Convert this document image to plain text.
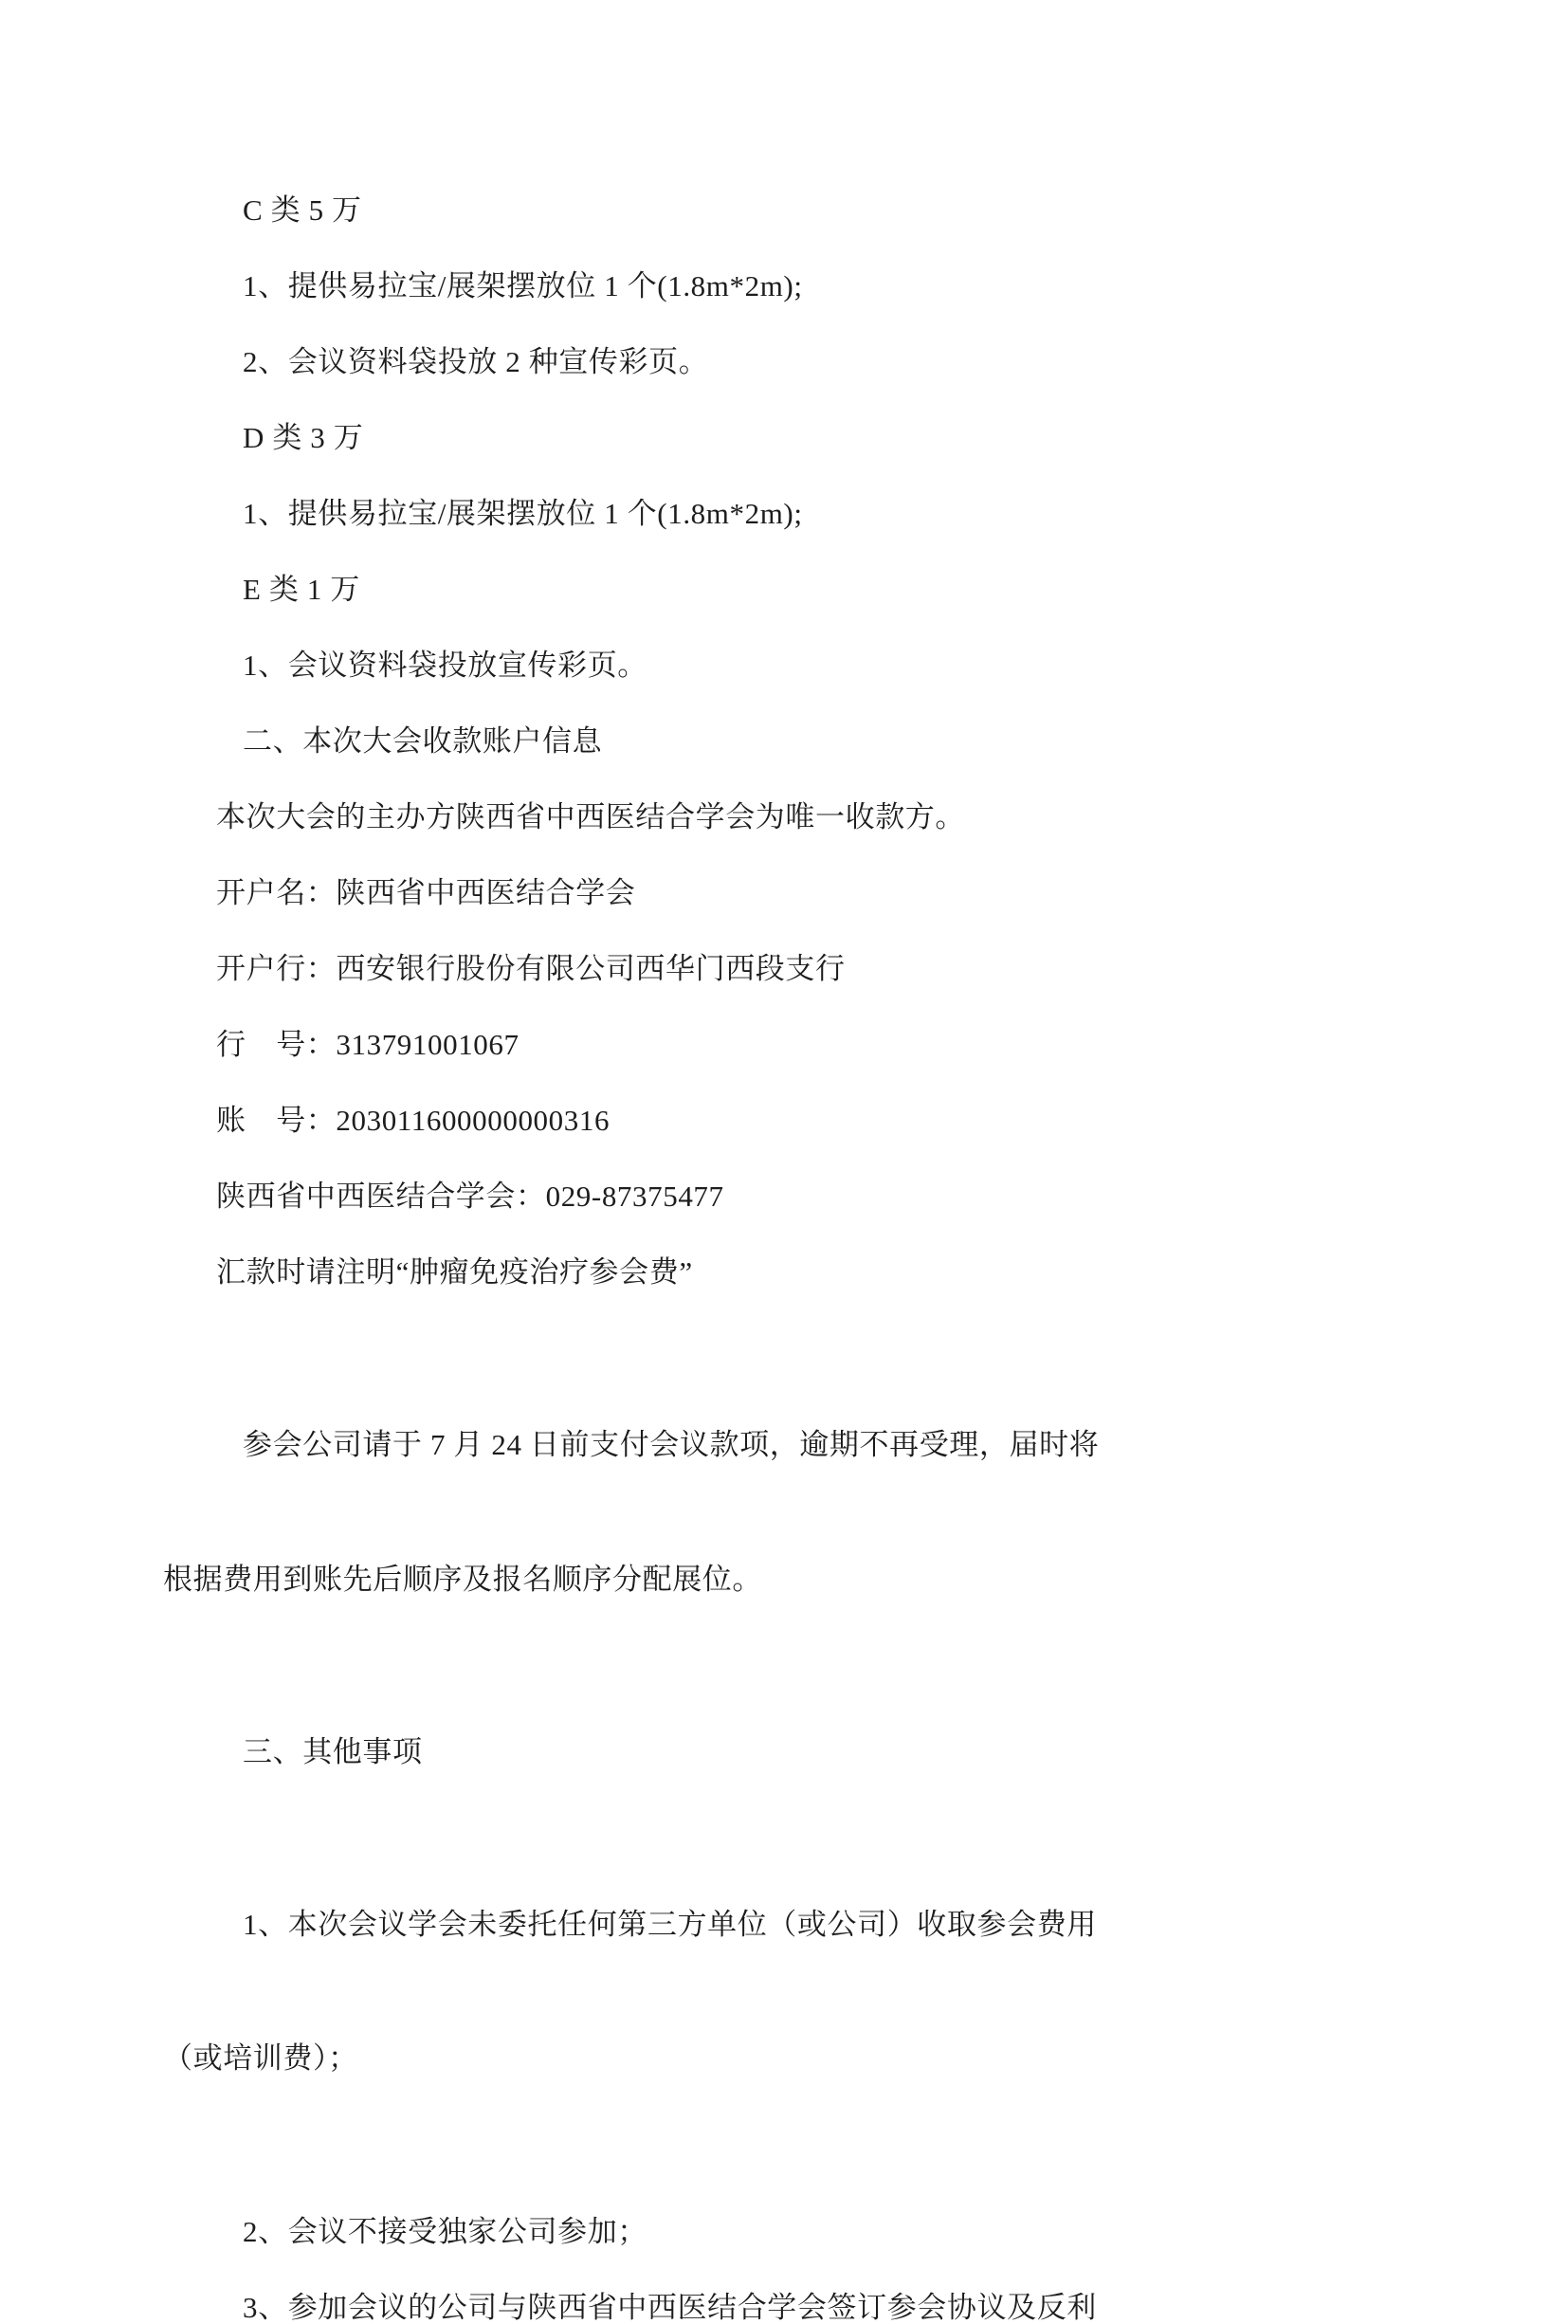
C 类 5 万

1、提供易拉宝/展架摆放位 1 个(1.8m*2m);

2、会议资料袋投放 2 种宣传彩页。

D 类 3 万

1、提供易拉宝/展架摆放位 1 个(1.8m*2m);

E 类 1 万

1、会议资料袋投放宣传彩页。

二、本次大会收款账户信息

本次大会的主办方陕西省中西医结合学会为唯一收款方。

开户名：陕西省中西医结合学会

开户行：西安银行股份有限公司西华门西段支行

行　号：313791001067

账　号：203011600000000316

陕西省中西医结合学会：029-87375477

汇款时请注明“肿瘤免疫治疗参会费”

参会公司请于 7 月 24 日前支付会议款项，逾期不再受理，届时将

根据费用到账先后顺序及报名顺序分配展位。

三、其他事项

1、本次会议学会未委托任何第三方单位（或公司）收取参会费用

（或培训费）；

2、会议不接受独家公司参加；

3、参加会议的公司与陕西省中西医结合学会签订参会协议及反利
